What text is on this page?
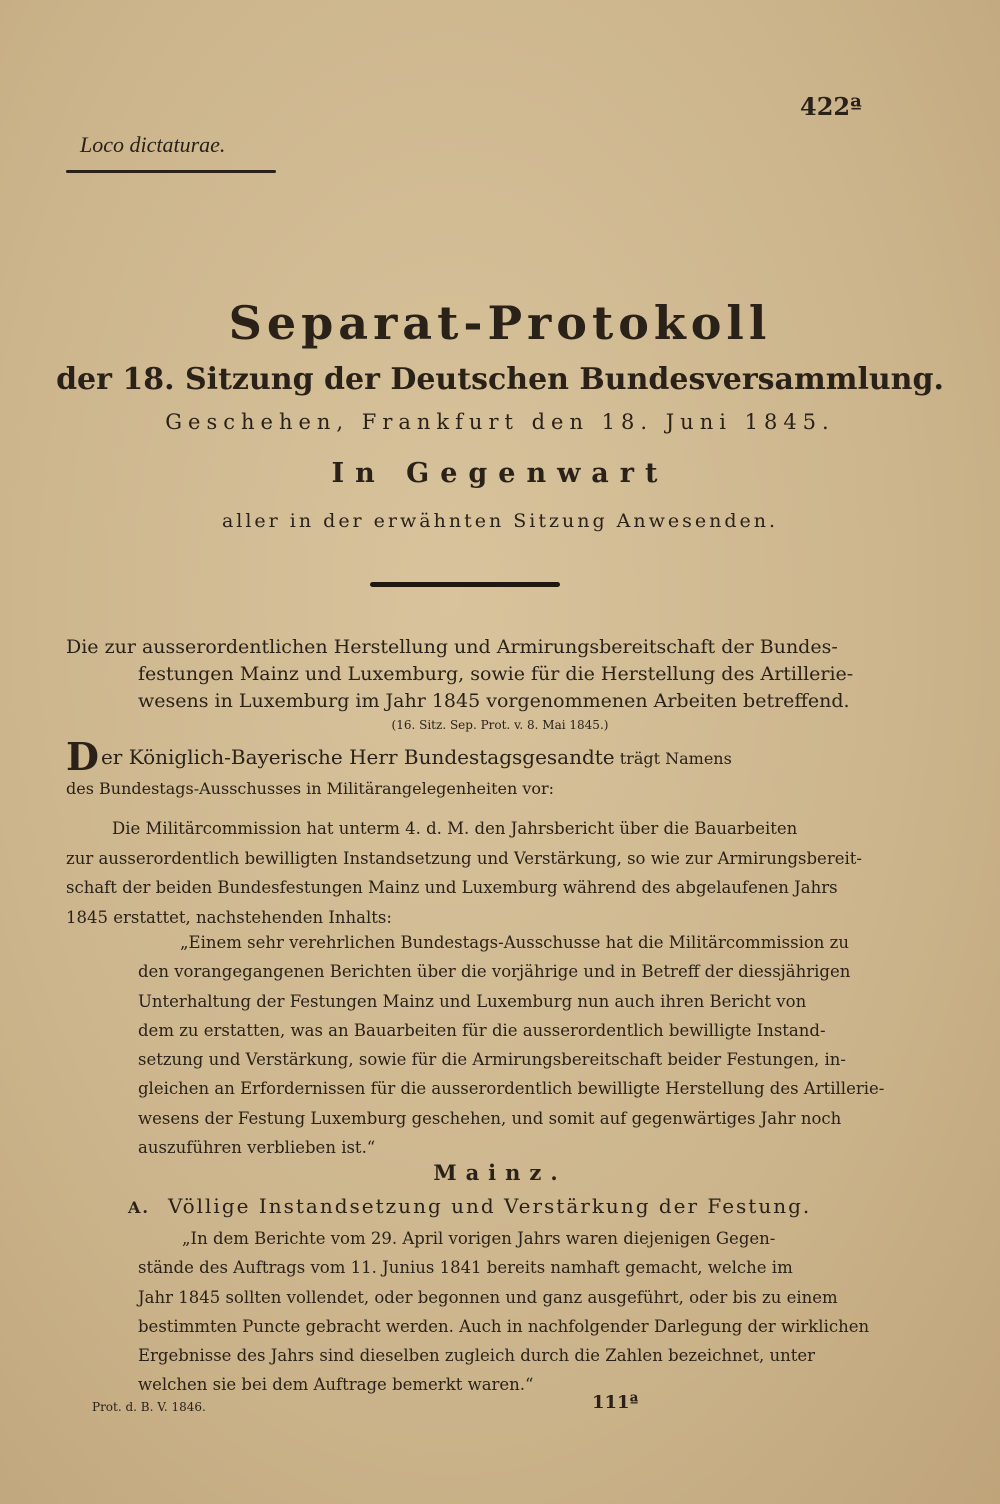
422ª
Loco dictaturae.
Separat-Protokoll
der 18. Sitzung der Deutschen Bundesversammlung.
Geschehen, Frankfurt den 18. Juni 1845.
In Gegenwart
aller in der erwähnten Sitzung Anwesenden.
Die zur ausserordentlichen Herstellung und Armirungsbereitschaft der Bundes-
festungen Mainz und Luxemburg, sowie für die Herstellung des Artillerie-
wesens in Luxemburg im Jahr 1845 vorgenommenen Arbeiten betreffend.
(16. Sitz. Sep. Prot. v. 8. Mai 1845.)
Der Königlich-Bayerische Herr Bundestagsgesandte trägt Namens
des Bundestags-Ausschusses in Militärangelegenheiten vor:
Die Militärcommission hat unterm 4. d. M. den Jahrsbericht über die Bauarbeiten
zur ausserordentlich bewilligten Instandsetzung und Verstärkung, so wie zur Armirungsbereit-
schaft der beiden Bundesfestungen Mainz und Luxemburg während des abgelaufenen Jahrs
1845 erstattet, nachstehenden Inhalts:
„Einem sehr verehrlichen Bundestags-Ausschusse hat die Militärcommission zu
den vorangegangenen Berichten über die vorjährige und in Betreff der diessjährigen
Unterhaltung der Festungen Mainz und Luxemburg nun auch ihren Bericht von
dem zu erstatten, was an Bauarbeiten für die ausserordentlich bewilligte Instand-
setzung und Verstärkung, sowie für die Armirungsbereitschaft beider Festungen, in-
gleichen an Erfordernissen für die ausserordentlich bewilligte Herstellung des Artillerie-
wesens der Festung Luxemburg geschehen, und somit auf gegenwärtiges Jahr noch
auszuführen verblieben ist.“
Mainz.
A. Völlige Instandsetzung und Verstärkung der Festung.
„In dem Berichte vom 29. April vorigen Jahrs waren diejenigen Gegen-
stände des Auftrags vom 11. Junius 1841 bereits namhaft gemacht, welche im
Jahr 1845 sollten vollendet, oder begonnen und ganz ausgeführt, oder bis zu einem
bestimmten Puncte gebracht werden. Auch in nachfolgender Darlegung der wirklichen
Ergebnisse des Jahrs sind dieselben zugleich durch die Zahlen bezeichnet, unter
welchen sie bei dem Auftrage bemerkt waren.“
Prot. d. B. V. 1846.	111ª
